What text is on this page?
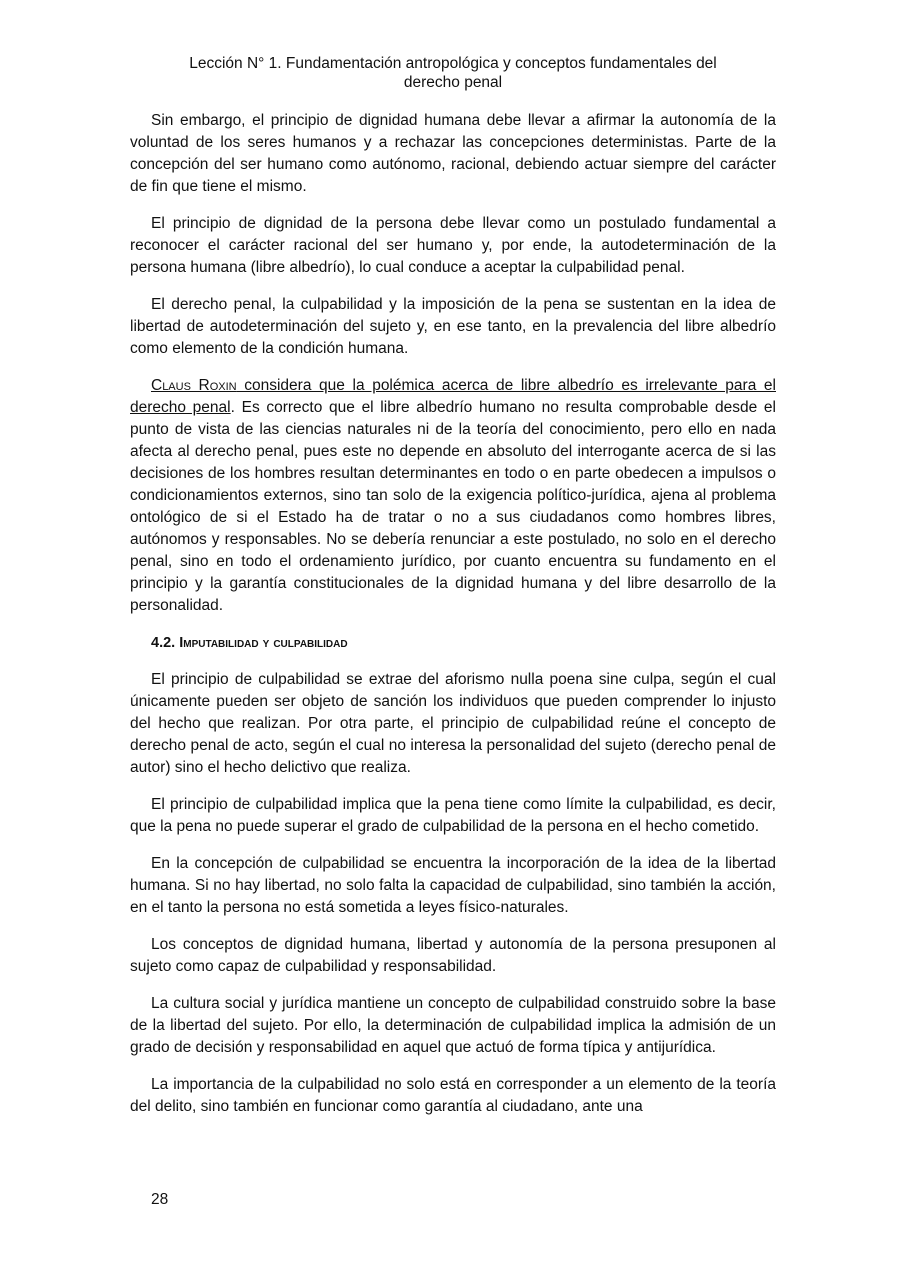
Lección N° 1. Fundamentación antropológica y conceptos fundamentales del
derecho penal

Sin embargo, el principio de dignidad humana debe llevar a afirmar la autonomía de la voluntad de los seres humanos y a rechazar las concepciones deterministas. Parte de la concepción del ser humano como autónomo, racional, debiendo actuar siempre del carácter de fin que tiene el mismo.

El principio de dignidad de la persona debe llevar como un postulado fundamental a reconocer el carácter racional del ser humano y, por ende, la autodeterminación de la persona humana (libre albedrío), lo cual conduce a aceptar la culpabilidad penal.

El derecho penal, la culpabilidad y la imposición de la pena se sustentan en la idea de libertad de autodeterminación del sujeto y, en ese tanto, en la prevalencia del libre albedrío como elemento de la condición humana.

Claus Roxin considera que la polémica acerca de libre albedrío es irrelevante para el derecho penal. Es correcto que el libre albedrío humano no resulta comprobable desde el punto de vista de las ciencias naturales ni de la teoría del conocimiento, pero ello en nada afecta al derecho penal, pues este no depende en absoluto del interrogante acerca de si las decisiones de los hombres resultan determinantes en todo o en parte obedecen a impulsos o condicionamientos externos, sino tan solo de la exigencia político-jurídica, ajena al problema ontológico de si el Estado ha de tratar o no a sus ciudadanos como hombres libres, autónomos y responsables. No se debería renunciar a este postulado, no solo en el derecho penal, sino en todo el ordenamiento jurídico, por cuanto encuentra su fundamento en el principio y la garantía constitucionales de la dignidad humana y del libre desarrollo de la personalidad.

4.2. Imputabilidad y culpabilidad

El principio de culpabilidad se extrae del aforismo nulla poena sine culpa, según el cual únicamente pueden ser objeto de sanción los individuos que pueden comprender lo injusto del hecho que realizan. Por otra parte, el principio de culpabilidad reúne el concepto de derecho penal de acto, según el cual no interesa la personalidad del sujeto (derecho penal de autor) sino el hecho delictivo que realiza.

El principio de culpabilidad implica que la pena tiene como límite la culpabilidad, es decir, que la pena no puede superar el grado de culpabilidad de la persona en el hecho cometido.

En la concepción de culpabilidad se encuentra la incorporación de la idea de la libertad humana. Si no hay libertad, no solo falta la capacidad de culpabilidad, sino también la acción, en el tanto la persona no está sometida a leyes físico-naturales.

Los conceptos de dignidad humana, libertad y autonomía de la persona presuponen al sujeto como capaz de culpabilidad y responsabilidad.

La cultura social y jurídica mantiene un concepto de culpabilidad construido sobre la base de la libertad del sujeto. Por ello, la determinación de culpabilidad implica la admisión de un grado de decisión y responsabilidad en aquel que actuó de forma típica y antijurídica.

La importancia de la culpabilidad no solo está en corresponder a un elemento de la teoría del delito, sino también en funcionar como garantía al ciudadano, ante una

28
